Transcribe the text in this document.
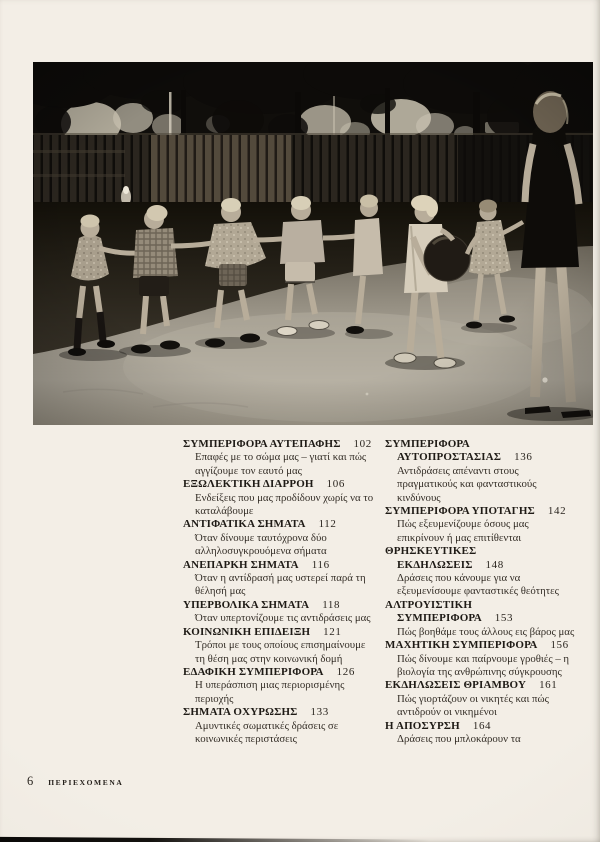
ΣΥΜΠΕΡΙΦΟΡΑ ΑΥΤΕΠΑΦΗΣ 102
Επαφές με το σώμα μας – γιατί και πώς αγγίζουμε τον εαυτό μας
ΕΞΩΛΕΚΤΙΚΗ ΔΙΑΡΡΟΗ 106
Ενδείξεις που μας προδίδουν χωρίς να το καταλάβουμε
ΑΝΤΙΦΑΤΙΚΑ ΣΗΜΑΤΑ 112
Όταν δίνουμε ταυτόχρονα δύο αλληλοσυγκρουόμενα σήματα
ΑΝΕΠΑΡΚΗ ΣΗΜΑΤΑ 116
Όταν η αντίδρασή μας υστερεί παρά τη θέλησή μας
ΥΠΕΡΒΟΛΙΚΑ ΣΗΜΑΤΑ 118
Όταν υπερτονίζουμε τις αντιδράσεις μας
ΚΟΙΝΩΝΙΚΗ ΕΠΙΔΕΙΞΗ 121
Τρόποι με τους οποίους επισημαίνουμε τη θέση μας στην κοινωνική δομή
ΕΔΑΦΙΚΗ ΣΥΜΠΕΡΙΦΟΡΑ 126
Η υπεράσπιση μιας περιορισμένης περιοχής
ΣΗΜΑΤΑ ΟΧΥΡΩΣΗΣ 133
Αμυντικές σωματικές δράσεις σε κοινωνικές περιστάσεις
ΣΥΜΠΕΡΙΦΟΡΑ ΑΥΤΟΠΡΟΣΤΑΣΙΑΣ 136
Αντιδράσεις απέναντι στους πραγματικούς και φανταστικούς κινδύνους
ΣΥΜΠΕΡΙΦΟΡΑ ΥΠΟΤΑΓΗΣ 142
Πώς εξευμενίζουμε όσους μας επικρίνουν ή μας επιτίθενται
ΘΡΗΣΚΕΥΤΙΚΕΣ ΕΚΔΗΛΩΣΕΙΣ 148
Δράσεις που κάνουμε για να εξευμενίσουμε φανταστικές θεότητες
ΑΛΤΡΟΥΙΣΤΙΚΗ ΣΥΜΠΕΡΙΦΟΡΑ 153
Πώς βοηθάμε τους άλλους εις βάρος μας
ΜΑΧΗΤΙΚΗ ΣΥΜΠΕΡΙΦΟΡΑ 156
Πώς δίνουμε και παίρνουμε γροθιές – η βιολογία της ανθρώπινης σύγκρουσης
ΕΚΔΗΛΩΣΕΙΣ ΘΡΙΑΜΒΟΥ 161
Πώς γιορτάζουν οι νικητές και πώς αντιδρούν οι νικημένοι
Η ΑΠΟΣΥΡΣΗ 164
Δράσεις που μπλοκάρουν τα
6 ΠΕΡΙΕΧΟΜΕΝΑ
